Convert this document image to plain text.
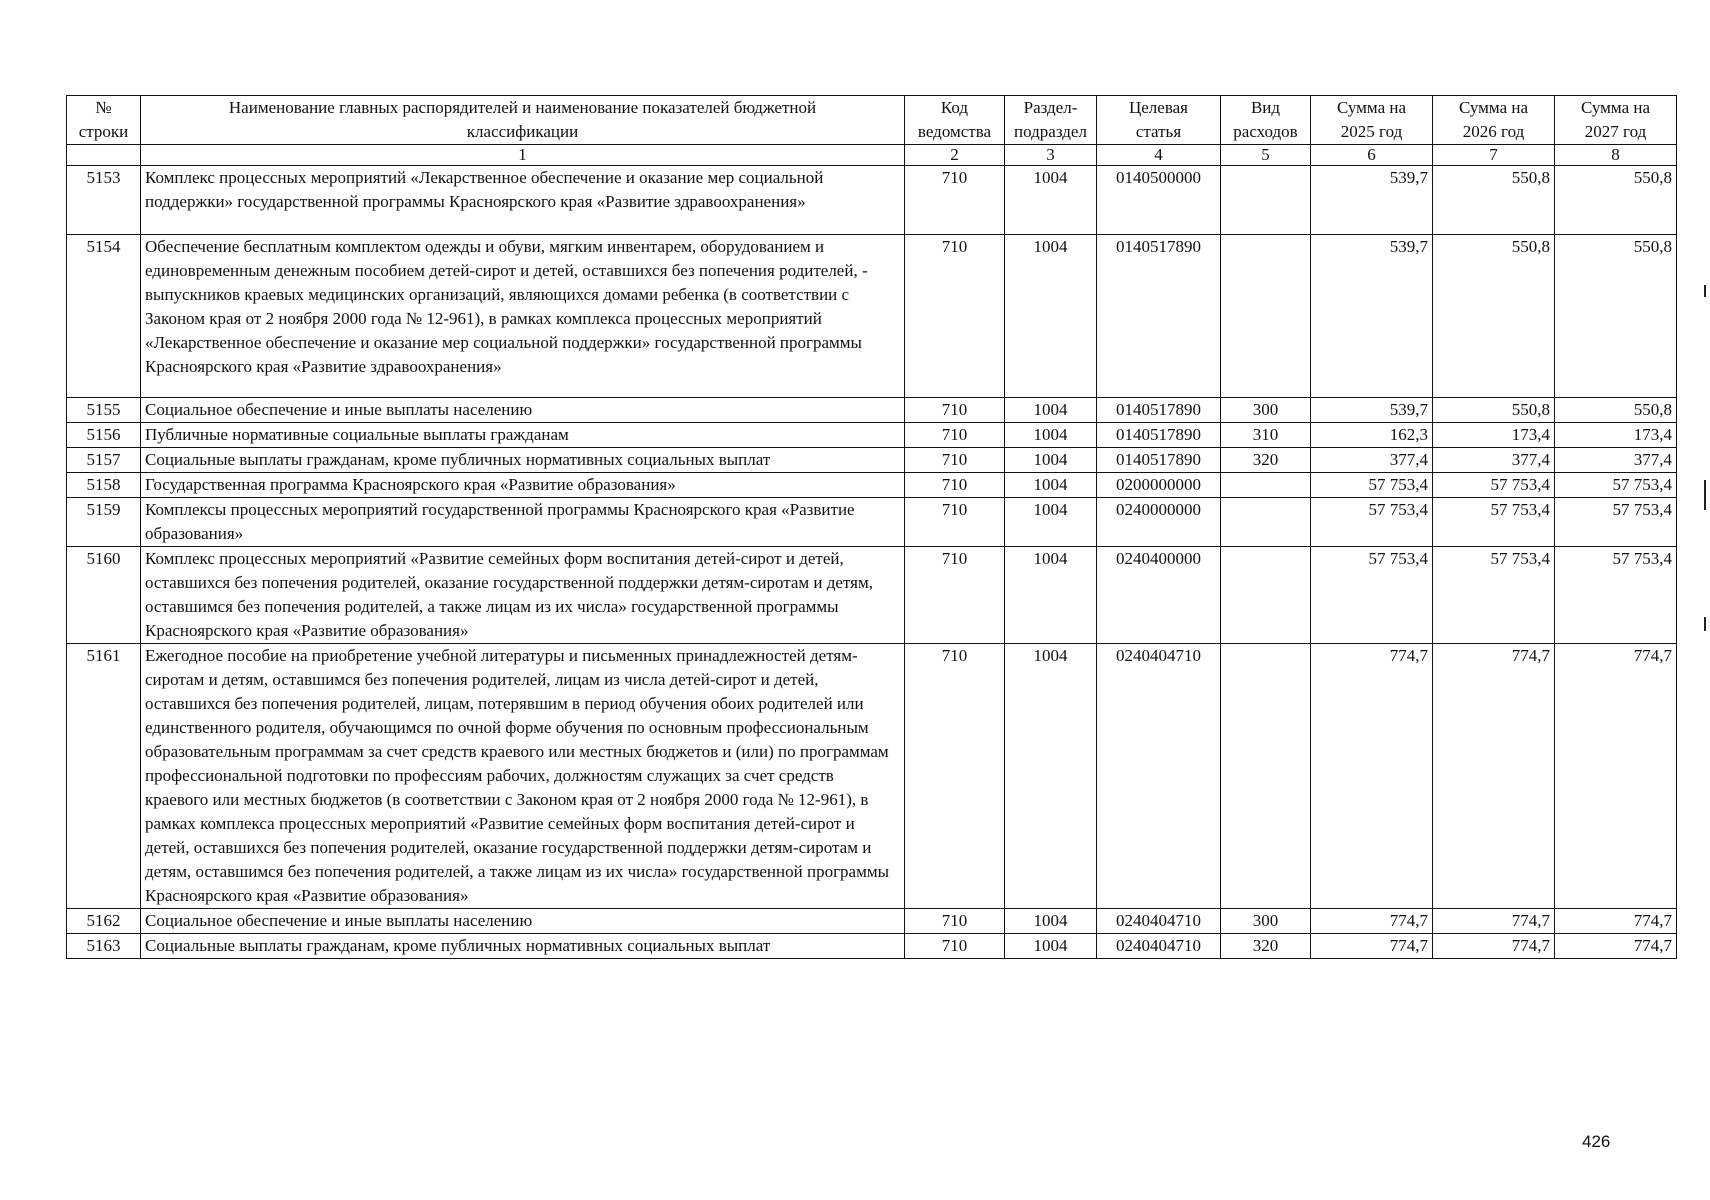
№	Наименование главных распорядителей и наименование показателей бюджетной	Код	Раздел-	Целевая	Вид	Сумма на	Сумма на	Сумма на
строки	классификации	ведомства	подраздел	статья	расходов	2025 год	2026 год	2027 год
	1	2	3	4	5	6	7	8
5153	Комплекс процессных мероприятий «Лекарственное обеспечение и оказание мер социальной поддержки» государственной программы Красноярского края «Развитие здравоохранения»	710	1004	0140500000		539,7	550,8	550,8
5154	Обеспечение бесплатным комплектом одежды и обуви, мягким инвентарем, оборудованием и единовременным денежным пособием детей-сирот и детей, оставшихся без попечения родителей, - выпускников краевых медицинских организаций, являющихся домами ребенка (в соответствии с Законом края от 2 ноября 2000 года № 12-961), в рамках комплекса процессных мероприятий «Лекарственное обеспечение и оказание мер социальной поддержки» государственной программы Красноярского края «Развитие здравоохранения»	710	1004	0140517890		539,7	550,8	550,8
5155	Социальное обеспечение и иные выплаты населению	710	1004	0140517890	300	539,7	550,8	550,8
5156	Публичные нормативные социальные выплаты гражданам	710	1004	0140517890	310	162,3	173,4	173,4
5157	Социальные выплаты гражданам, кроме публичных нормативных социальных выплат	710	1004	0140517890	320	377,4	377,4	377,4
5158	Государственная программа Красноярского края «Развитие образования»	710	1004	0200000000		57 753,4	57 753,4	57 753,4
5159	Комплексы процессных мероприятий государственной программы Красноярского края «Развитие образования»	710	1004	0240000000		57 753,4	57 753,4	57 753,4
5160	Комплекс процессных мероприятий «Развитие семейных форм воспитания детей-сирот и детей, оставшихся без попечения родителей, оказание государственной поддержки детям-сиротам и детям, оставшимся без попечения родителей, а также лицам из их числа» государственной программы Красноярского края «Развитие образования»	710	1004	0240400000		57 753,4	57 753,4	57 753,4
5161	Ежегодное пособие на приобретение учебной литературы и письменных принадлежностей детям-сиротам и детям, оставшимся без попечения родителей, лицам из числа детей-сирот и детей, оставшихся без попечения родителей, лицам, потерявшим в период обучения обоих родителей или единственного родителя, обучающимся по очной форме обучения по основным профессиональным образовательным программам за счет средств краевого или местных бюджетов и (или) по программам профессиональной подготовки по профессиям рабочих, должностям служащих за счет средств краевого или местных бюджетов (в соответствии с Законом края от 2 ноября 2000 года № 12-961), в рамках комплекса процессных мероприятий «Развитие семейных форм воспитания детей-сирот и детей, оставшихся без попечения родителей, оказание государственной поддержки детям-сиротам и детям, оставшимся без попечения родителей, а также лицам из их числа» государственной программы Красноярского края «Развитие образования»	710	1004	0240404710		774,7	774,7	774,7
5162	Социальное обеспечение и иные выплаты населению	710	1004	0240404710	300	774,7	774,7	774,7
5163	Социальные выплаты гражданам, кроме публичных нормативных социальных выплат	710	1004	0240404710	320	774,7	774,7	774,7
426
